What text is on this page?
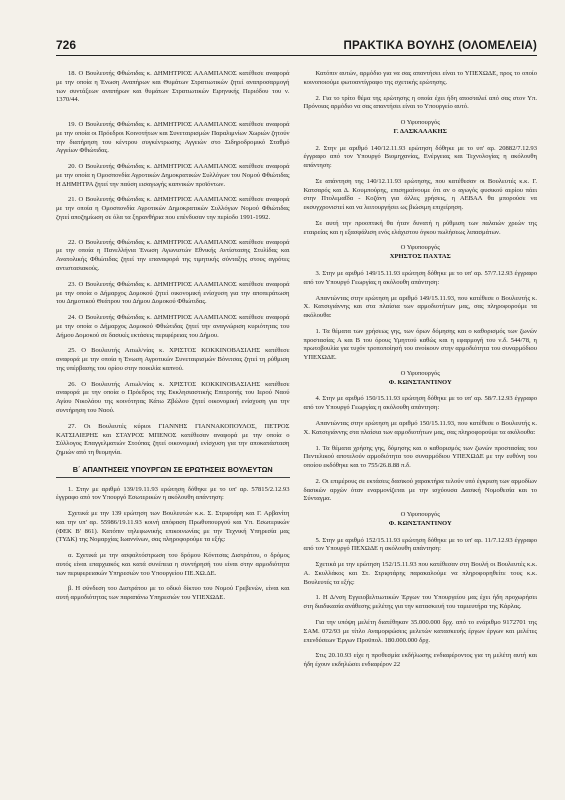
726	ΠΡΑΚΤΙΚΑ ΒΟΥΛΗΣ (ΟΛΟΜΕΛΕΙΑ)

18. Ο Βουλευτής Φθιώτιδας κ. ΔΗΜΗΤΡΙΟΣ ΑΛΑΜΠΑΝΟΣ κατέθεσε αναφορά με την οποία η Ένωση Αναπήρων και Θυμάτων Στρατιωτικών ζητεί αναπροσαρμογή των συντάξεων αναπήρων και θυμάτων Στρατιωτικών Ειρηνικής Περιόδου του ν. 1370/44.

19. Ο Βουλευτής Φθιώτιδας κ. ΔΗΜΗΤΡΙΟΣ ΑΛΑΜΠΑΝΟΣ κατέθεσε αναφορά με την οποία οι Πρόεδροι Κοινοτήτων και Συνεταιρισμών Παραλιμνίων Χωριών ζητούν την διατήρηση του κέντρου συγκέντρωσης Αγγειών στο Σιδηροδρομικό Σταθμό Αγγείων Φθιώτιδας.

20. Ο Βουλευτής Φθιώτιδας κ. ΔΗΜΗΤΡΙΟΣ ΑΛΑΜΠΑΝΟΣ κατέθεσε αναφορά με την οποία η Ομοσπονδία Αγροτικών Δημοκρατικών Συλλόγων του Νομού Φθιώτιδας Η ΔΗΜΗΤΡΑ ζητεί την παύση εισαγωγής καπνικών προϊόντων.

21. Ο Βουλευτής Φθιώτιδας κ. ΔΗΜΗΤΡΙΟΣ ΑΛΑΜΠΑΝΟΣ κατέθεσε αναφορά με την οποία η Ομοσπονδία Αγροτικών Δημοκρατικών Συλλόγων Νομού Φθιώτιδας ζητεί αποζημίωση σε όλα τα ξηρανθήρια που επένδυσαν την περίοδο 1991-1992.

22. Ο Βουλευτής Φθιώτιδας κ. ΔΗΜΗΤΡΙΟΣ ΑΛΑΜΠΑΝΟΣ κατέθεσε αναφορά με την οποία η Πανελλήνια Ένωση Αγωνιστών Εθνικής Αντίστασης Στυλίδας και Ανατολικής Φθιώτιδας ζητεί την επαναφορά της τιμητικής σύνταξης στους αγρότες αντιστασιακούς.

23. Ο Βουλευτής Φθιώτιδας κ. ΔΗΜΗΤΡΙΟΣ ΑΛΑΜΠΑΝΟΣ κατέθεσε αναφορά με την οποία ο Δήμαρχος Δομοκού ζητεί οικονομική ενίσχυση για την αποπεράτωση του Δημοτικού Θεάτρου του Δήμου Δομοκού Φθιώτιδας.

24. Ο Βουλευτής Φθιώτιδας κ. ΔΗΜΗΤΡΙΟΣ ΑΛΑΜΠΑΝΟΣ κατέθεσε αναφορά με την οποία ο Δήμαρχος Δομοκού Φθιώτιδας ζητεί την αναγνώριση κυριότητας του Δήμου Δομοκού σε δασικές εκτάσεις περιφέρειας του Δήμου.

25. Ο Βουλευτής Αιτωλ/νίας κ. ΧΡΙΣΤΟΣ ΚΟΚΚΙΝΟΒΑΣΙΛΗΣ κατέθεσε αναφορά με την οποία η Ένωση Αγροτικών Συνεταιρισμών Βόνιτσας ζητεί τη ρύθμιση της υπέρβασης του ορίου στην ποικιλία καπνού.

26. Ο Βουλευτής Αιτωλ/νίας κ. ΧΡΙΣΤΟΣ ΚΟΚΚΙΝΟΒΑΣΙΛΗΣ κατέθεσε αναφορά με την οποία ο Πρόεδρος της Εκκλησιαστικής Επιτροπής του Ιερού Ναού Αγίου Νικολάου της κοινότητας Κάτω Ζβώλου ζητεί οικονομική ενίσχυση για την συντήρηση του Ναού.

27. Οι Βουλευτές κύριοι ΓΙΑΝΝΗΣ ΓΙΑΝΝΑΚΟΠΟΥΛΟΣ, ΠΕΤΡΟΣ ΚΑΤΣΙΛΙΕΡΗΣ και ΣΤΑΥΡΟΣ ΜΠΕΝΟΣ κατέθεσαν αναφορά με την οποία ο Σύλλογος Επαγγελματιών Στούπας ζητεί οικονομική ενίσχυση για την αποκατάσταση ζημιών από τη θεομηνία.

Β΄ ΑΠΑΝΤΗΣΕΙΣ ΥΠΟΥΡΓΩΝ ΣΕ ΕΡΩΤΗΣΕΙΣ ΒΟΥΛΕΥΤΩΝ

1. Στην με αριθμό 139/19.11.93 ερώτηση δόθηκε με το υπ' αρ. 57815/2.12.93 έγγραφο από τον Υπουργό Εσωτερικών η ακόλουθη απάντηση:

Σχετικά με την 139 ερώτηση των Βουλευτών κ.κ. Σ. Στριφτάρη και Γ. Αρβανίτη και την υπ' αρ. 55986/19.11.93 κοινή απόφαση Πρωθυπουργού και Υπ. Εσωτερικών (ΦΕΚ Β' 861). Κατόπιν τηλεφωνικής επικοινωνίας με την Τεχνική Υπηρεσία μας (ΤΥΔΚ) της Νομαρχίας Ιωαννίνων, σας πληροφορούμε τα εξής:

α. Σχετικά με την ασφαλτόστρωση του δρόμου Κόνιτσας Διστράτου, ο δρόμος αυτός είναι επαρχιακός και κατά συνέπεια η συντήρησή του είναι στην αρμοδιότητα των περιφερειακών Υπηρεσιών του Υπουργείου ΠΕ.ΧΩ.ΔΕ.

β. Η σύνδεση του Διστράτου με το οδικό δίκτυο του Νομού Γρεβενών, είναι και αυτή αρμοδιότητας των παραπάνω Υπηρεσιών του ΥΠΕΧΩΔΕ.

Κατόπιν αυτών, αρμόδιο για να σας απαντήσει είναι το ΥΠΕΧΩΔΕ, προς το οποίο κοινοποιούμε φωτοαντίγραφο της σχετικής ερώτησης.

2. Για το τρίτο θέμα της ερώτησης η οποία έχει ήδη αποσταλεί από σας στον Υπ. Πρόνοιας αρμόδιο να σας απαντήσει είναι το Υπουργείο αυτό.

Ο Υφυπουργός
Γ. ΔΑΣΚΑΛΑΚΗΣ

2. Στην με αριθμό 140/12.11.93 ερώτηση δόθηκε με το υπ' αρ. 20882/7.12.93 έγγραφο από τον Υπουργό Βιομηχανίας, Ενέργειας και Τεχνολογίας η ακόλουθη απάντηση:

Σε απάντηση της 140/12.11.93 ερώτησης, που κατέθεσαν οι Βουλευτές κ.κ. Γ. Κατσαρός και Δ. Κουμπούρης, επισημαίνουμε ότι αν ο αγωγός φυσικού αερίου πάει στην Πτολεμαΐδα - Κοζάνη για άλλες χρήσεις, η ΑΕΒΑΛ θα μπορούσε να εκσυγχρονιστεί και να λειτουργήσει ως βιώσιμη επιχείρηση.

Σε αυτή την προοπτική θα ήταν δυνατή η ρύθμιση των παλαιών χρεών της εταιρείας και η εξασφάλιση ενός ελάχιστου όγκου πωλήσεως λιπασμάτων.

Ο Υφυπουργός
ΧΡΗΣΤΟΣ ΠΑΧΤΑΣ

3. Στην με αριθμό 149/15.11.93 ερώτηση δόθηκε με το υπ' αρ. 57/7.12.93 έγγραφο από τον Υπουργό Γεωργίας η ακόλουθη απάντηση:

Απαντώντας στην ερώτηση με αριθμό 149/15.11.93, που κατέθεσε ο Βουλευτής κ. Χ. Κατσιγιάννης και στα πλαίσια των αρμοδιοτήτων μας, σας πληροφορούμε τα ακόλουθα:

1. Τα θέματα των χρήσεως γης, των όρων δόμησης και ο καθορισμός των ζωνών προστασίας Α και Β του όρους Υμηττού καθώς και η εφαρμογή του ν.δ. 544/78, η πρωτοβουλία για τυχόν τροποποίησή του ανοίκουν στην αρμοδιότητα του συναρμόδιου ΥΠΕΧΩΔΕ.

Ο Υφυπουργός
Φ. ΚΩΝΣΤΑΝΤΙΝΟΥ

4. Στην με αριθμό 150/15.11.93 ερώτηση δόθηκε με το υπ' αρ. 58/7.12.93 έγγραφο από τον Υπουργό Γεωργίας η ακόλουθη απάντηση:

Απαντώντας στην ερώτηση με αριθμό 150/15.11.93, που κατέθεσε ο Βουλευτής κ. Χ. Κατσιγιάννης στα πλαίσια των αρμοδιοτήτων μας, σας πληροφορούμε τα ακόλουθα:

1. Τα θέματα χρήσης γης, δόμησης και ο καθορισμός των ζωνών προστασίας του Πεντελικού αποτελούν αρμοδιότητα του συναρμόδιου ΥΠΕΧΩΔΕ με την ευθύνη του οποίου εκδόθηκε και το 755/26.8.88 π.δ.

2. Οι επιμέρους σε εκτάσεις δασικού χαρακτήρα τελούν υπό έγκριση των αρμοδίων δασικών αρχών όταν εναρμονίζεται με την ισχύουσα Δασική Νομοθεσία και το Σύνταγμα.

Ο Υφυπουργός
Φ. ΚΩΝΣΤΑΝΤΙΝΟΥ

5. Στην με αριθμό 152/15.11.93 ερώτηση δόθηκε με το υπ' αρ. 11/7.12.93 έγγραφο από τον Υπουργό ΠΕΧΩΔΕ η ακόλουθη απάντηση:

Σχετικά με την ερώτηση 152/15.11.93 που κατέθεσαν στη Βουλή οι Βουλευτές κ.κ. Α. Σκυλλάκος και Στ. Στριφτάρης παρακαλούμε να πληροφορηθείτε τους κ.κ. Βουλευτές τα εξής:

1. Η Δ/νση Εγγειοβελτιωτικών Έργων του Υπουργείου μας έχει ήδη προχωρήσει στη διαδικασία ανάθεσης μελέτης για την κατασκευή του ταμιευτήρα της Κάρλας.

Για την υπόψη μελέτη διατέθηκαν 35.000.000 δρχ. από το ενάριθμο 9172701 της ΣΑΜ. 072/93 με τίτλο Αναμορφώσεις μελετών κατασκευής έργων έργων και μελέτες επενδύσεων Έργων Προϋπολ. 180.000.000 δρχ.

Στις 20.10.93 είχε η προθεσμία εκδήλωσης ενδιαφέροντος για τη μελέτη αυτή και ήδη έχουν εκδηλώσει ενδιαφέρον 22
